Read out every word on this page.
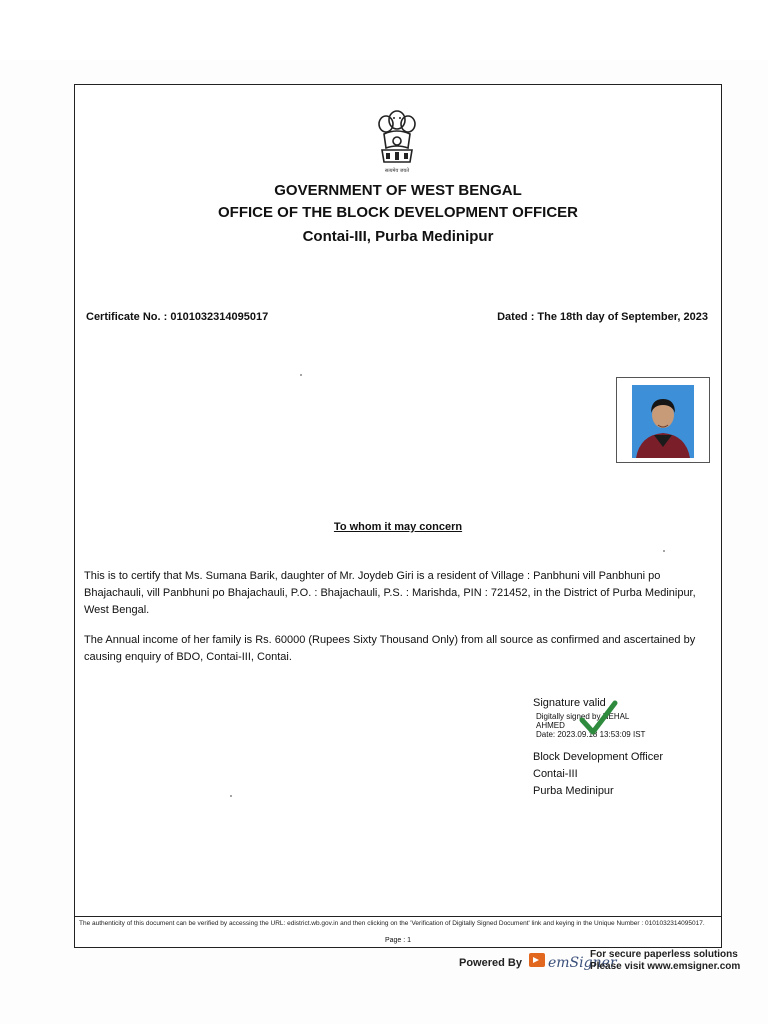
सत्यमेव जयते
GOVERNMENT OF WEST BENGAL
OFFICE OF THE BLOCK DEVELOPMENT OFFICER
Contai-III, Purba Medinipur
Certificate No. : 0101032314095017	Dated : The 18th day of September, 2023
To whom it may concern
This is to certify that Ms. Sumana Barik, daughter of Mr. Joydeb Giri is a resident of Village : Panbhuni vill Panbhuni po Bhajachauli, vill Panbhuni po Bhajachauli, P.O. : Bhajachauli, P.S. : Marishda, PIN : 721452, in the District of Purba Medinipur, West Bengal.
The Annual income of her family is Rs. 60000 (Rupees Sixty Thousand Only) from all source as confirmed and ascertained by causing enquiry of BDO, Contai-III, Contai.
Signature valid
Digitally signed by NEHAL
AHMED
Date: 2023.09.18 13:53:09 IST
Block Development Officer
Contai-III
Purba Medinipur
The authenticity of this document can be verified by accessing the URL: edistrict.wb.gov.in and then clicking on the 'Verification of Digitally Signed Document' link and keying in the Unique Number : 0101032314095017.
Page : 1
Powered By emSigner
For secure paperless solutions
Please visit www.emsigner.com
